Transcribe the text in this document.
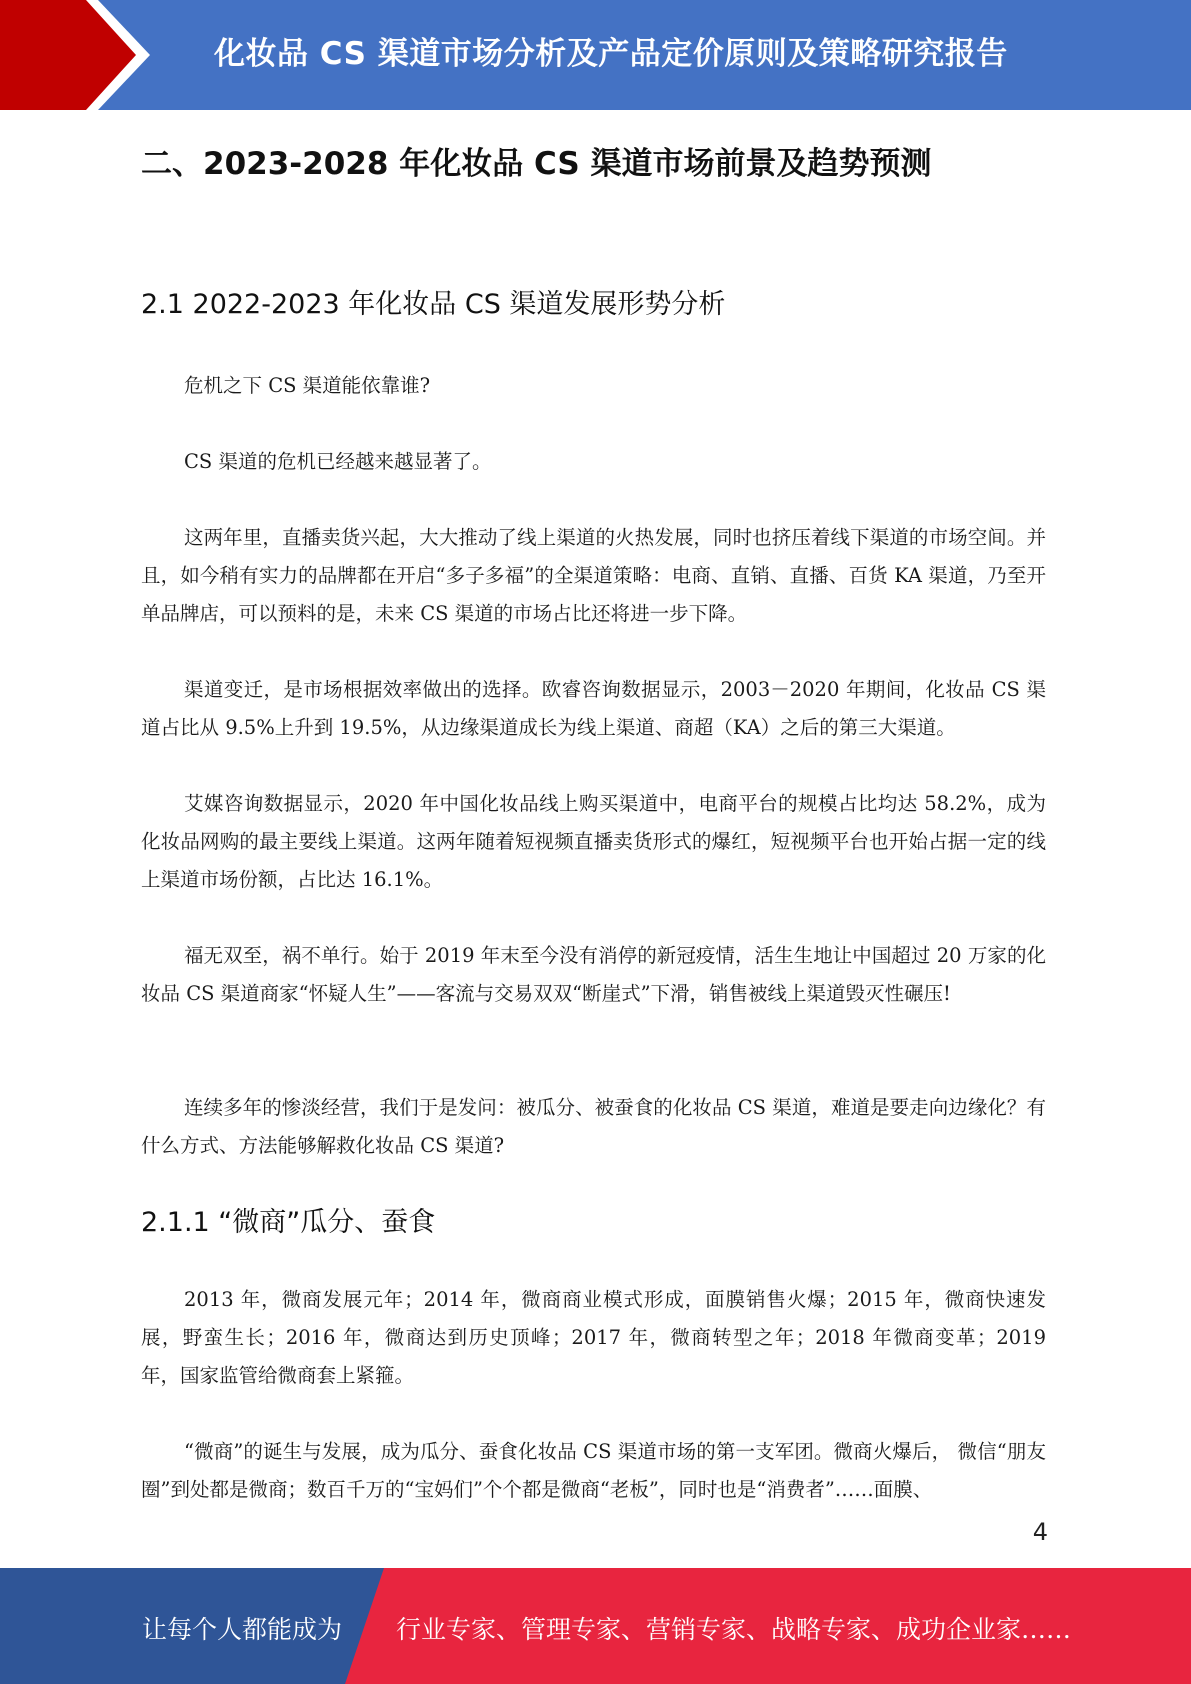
化妆品 CS 渠道市场分析及产品定价原则及策略研究报告
二、2023-2028 年化妆品 CS 渠道市场前景及趋势预测
2.1 2022-2023 年化妆品 CS 渠道发展形势分析

危机之下 CS 渠道能依靠谁?

CS 渠道的危机已经越来越显著了。

这两年里，直播卖货兴起，大大推动了线上渠道的火热发展，同时也挤压着线下渠道的市场空间。并且，如今稍有实力的品牌都在开启“多子多福”的全渠道策略：电商、直销、直播、百货 KA 渠道，乃至开单品牌店，可以预料的是，未来 CS 渠道的市场占比还将进一步下降。

渠道变迁，是市场根据效率做出的选择。欧睿咨询数据显示，2003－2020 年期间，化妆品 CS 渠道占比从 9.5%上升到 19.5%，从边缘渠道成长为线上渠道、商超（KA）之后的第三大渠道。

艾媒咨询数据显示，2020 年中国化妆品线上购买渠道中，电商平台的规模占比均达 58.2%，成为化妆品网购的最主要线上渠道。这两年随着短视频直播卖货形式的爆红，短视频平台也开始占据一定的线上渠道市场份额，占比达 16.1%。

福无双至，祸不单行。始于 2019 年末至今没有消停的新冠疫情，活生生地让中国超过 20 万家的化妆品 CS 渠道商家“怀疑人生”——客流与交易双双“断崖式”下滑，销售被线上渠道毁灭性碾压!

连续多年的惨淡经营，我们于是发问：被瓜分、被蚕食的化妆品 CS 渠道，难道是要走向边缘化？有什么方式、方法能够解救化妆品 CS 渠道?

2.1.1 “微商”瓜分、蚕食

2013 年，微商发展元年；2014 年，微商商业模式形成，面膜销售火爆；2015 年，微商快速发展，野蛮生长；2016 年，微商达到历史顶峰；2017 年，微商转型之年；2018 年微商变革；2019 年，国家监管给微商套上紧箍。

“微商”的诞生与发展，成为瓜分、蚕食化妆品 CS 渠道市场的第一支军团。微商火爆后， 微信“朋友圈”到处都是微商；数百千万的“宝妈们”个个都是微商“老板”，同时也是“消费者”……面膜、

4
让每个人都能成为 行业专家、管理专家、营销专家、战略专家、成功企业家……
